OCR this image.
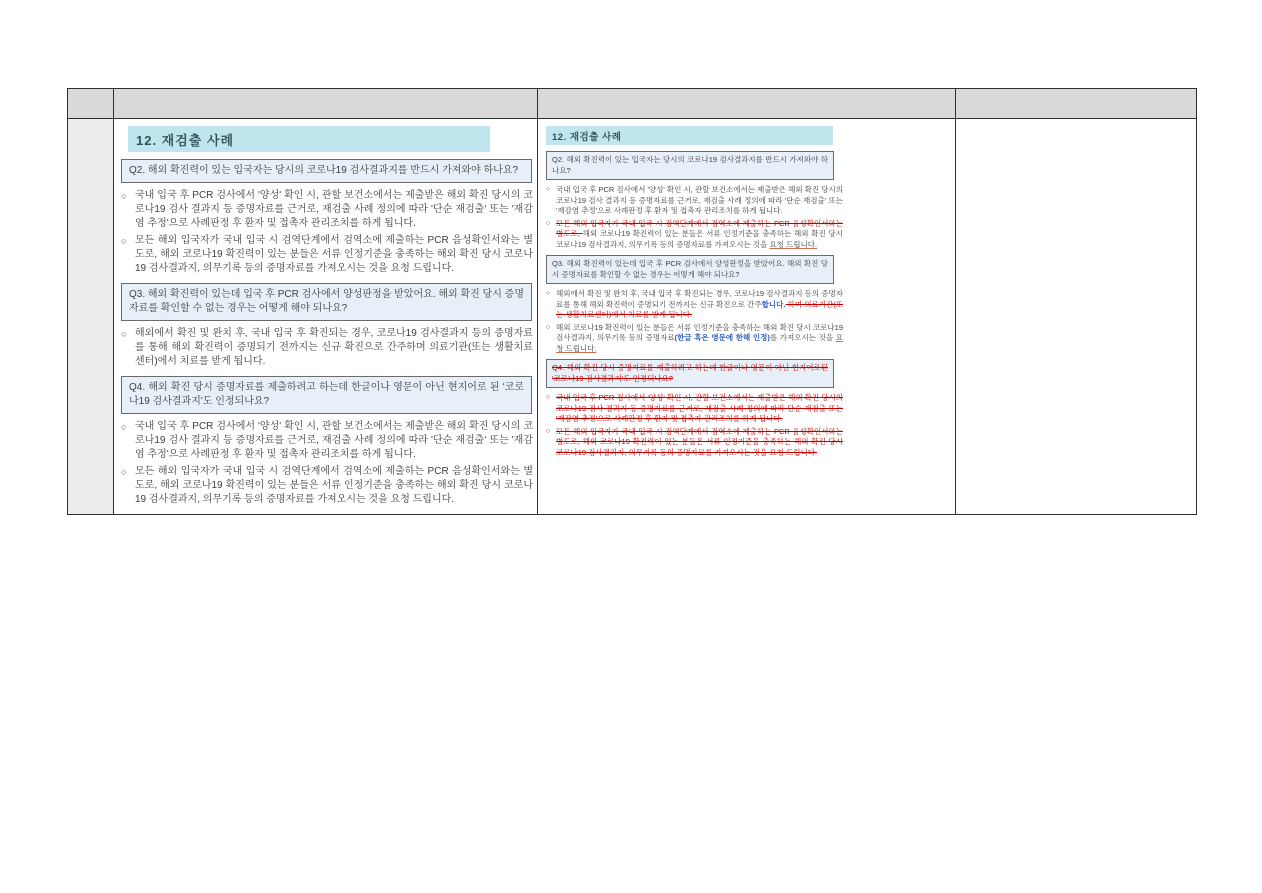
12. 재검출 사례
Q2. 해외 확진력이 있는 입국자는 당시의 코로나19 검사결과지를 반드시 가져와야 하나요?
○ 국내 입국 후 PCR 검사에서 '양성' 확인 시, 관할 보건소에서는 제출받은 해외 확진 당시의 코로나19 검사 결과지 등 증명자료를 근거로, 재검출 사례 정의에 따라 '단순 재검출' 또는 '재감염 추정'으로 사례판정 후 환자 및 접촉자 관리조치를 하게 됩니다.
○ 모든 해외 입국자가 국내 입국 시 검역단계에서 검역소에 제출하는 PCR 음성확인서와는 별도로, 해외 코로나19 확진력이 있는 분들은 서류 인정기준을 충족하는 해외 확진 당시 코로나19 검사결과지, 의무기록 등의 증명자료를 가져오시는 것을 요청 드립니다.
Q3. 해외 확진력이 있는데 입국 후 PCR 검사에서 양성판정을 받았어요. 해외 확진 당시 증명자료를 확인할 수 없는 경우는 어떻게 해야 되나요?
○ 해외에서 확진 및 완치 후, 국내 입국 후 확진되는 경우, 코로나19 검사결과지 등의 증명자료를 통해 해외 확진력이 증명되기 전까지는 신규 확진으로 간주하며 의료기관(또는 생활치료센터)에서 치료를 받게 됩니다.
Q4. 해외 확진 당시 증명자료를 제출하려고 하는데 한글이나 영문이 아닌 현지어로 된 '코로나19 검사결과지'도 인정되나요?
○ 국내 입국 후 PCR 검사에서 '양성' 확인 시, 관할 보건소에서는 제출받은 해외 확진 당시의 코로나19 검사 결과지 등 증명자료를 근거로, 재검출 사례 정의에 따라 '단순 재검출' 또는 '재감염 추정'으로 사례판정 후 환자 및 접촉자 관리조치를 하게 됩니다.
○ 모든 해외 입국자가 국내 입국 시 검역단계에서 검역소에 제출하는 PCR 음성확인서와는 별도로, 해외 코로나19 확진력이 있는 분들은 서류 인정기준을 충족하는 해외 확진 당시 코로나19 검사결과지, 의무기록 등의 증명자료를 가져오시는 것을 요청 드립니다.
12. 재검출 사례
Q2. 해외 확진력이 있는 입국자는 당시의 코로나19 검사결과지를 반드시 가져와야 하나요?
○ 국내 입국 후 PCR 검사에서 '양성' 확인 시, 관할 보건소에서는 제출받은 해외 확진 당시의 코로나19 검사 결과지 등 증명자료를 근거로, 재검출 사례 정의에 따라 '단순 재검출' 또는 '재감염 추정'으로 사례판정 후 환자 및 접촉자 관리조치를 하게 됩니다.
○ 모든 해외 입국자가 국내 입국 시 검역단계에서 검역소에 제출하는 PCR 음성확인서와는 별도로, 해외 코로나19 확진력이 있는 분들은 서류 인정기준을 충족하는 해외 확진 당시 코로나19 검사결과지, 의무기록 등의 증명자료를 가져오시는 것을 요청 드립니다.
Q3. 해외 확진력이 있는데 입국 후 PCR 검사에서 양성판정을 받았어요. 해외 확진 당시 증명자료를 확인할 수 없는 경우는 어떻게 해야 되나요?
○ 해외에서 확진 및 완치 후, 국내 입국 후 확진되는 경우, 코로나19 검사결과지 등의 증명자료를 통해 해외 확진력이 증명되기 전까지는 신규 확진으로 간주합니다. 하며 의료기관(또는 생활치료센터)에서 치료를 받게 됩니다.
○ 해외 코로나19 확진력이 있는 분들은 서류 인정기준을 충족하는 해외 확진 당시 코로나19 검사결과지, 의무기록 등의 증명자료(한글 혹은 영문에 한해 인정)를 가져오시는 것을 요청 드립니다.
Q4. 해외 확진 당시 증명자료를 제출하려고 하는데 한글이나 영문이 아닌 현지어로된 '코로나19 검사결과지'도 인정되나요?
○ 국내 입국 후 PCR 검사에서 '양성' 확인 시, 관할 보건소에서는 제출받은 해외 확진 당시의 코로나19 검사 결과지 등 증명자료를 근거로, 재검출 사례 정의에 따라 단순 재검출 또는 '재감염 추정'으로 사례판정 후 환자 및 접촉자 관리조치를 하게 됩니다.
○ 모든 해외 입국자가 국내 입국 시 검역단계에서 검역소에 제출하는 PCR 음성확인서와는 별도로, 해외 코로나19 확진력이 있는 분들은 서류 인정기준을 충족하는 해외 확진 당시 코로나19 검사결과지, 의무기록 등의 증명자료를 가져오시는 것을 요청 드립니다.
